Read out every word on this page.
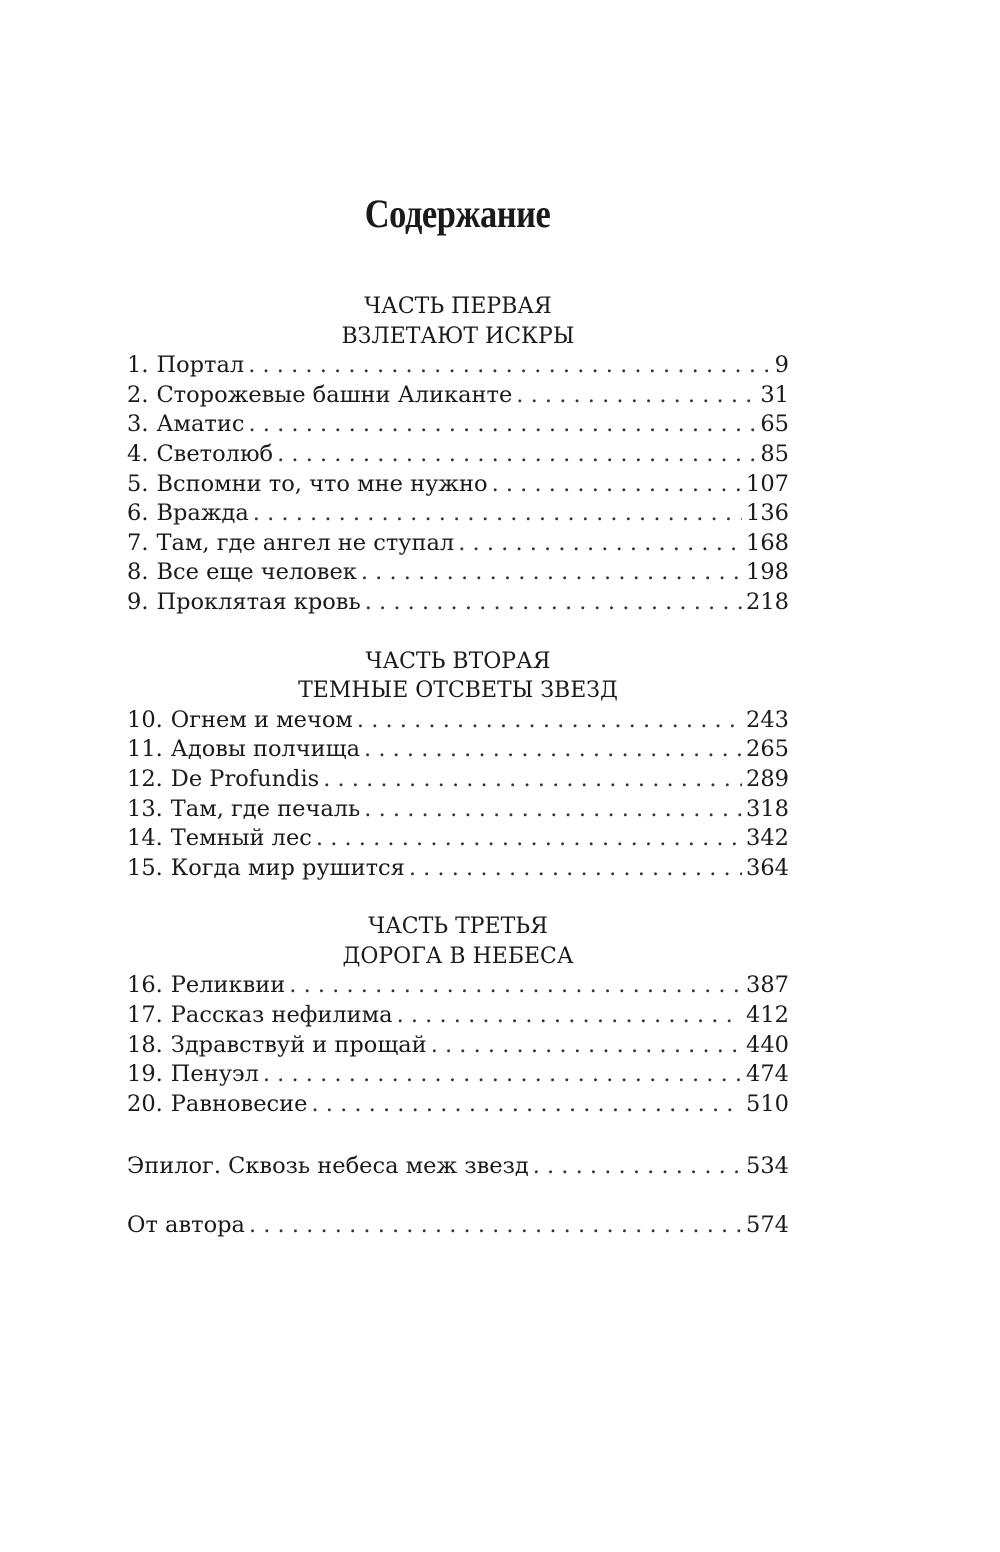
Содержание
ЧАСТЬ ПЕРВАЯ
ВЗЛЕТАЮТ ИСКРЫ
1. Портал . . .	9
2. Сторожевые башни Аликанте . . .	31
3. Аматис . . .	65
4. Светолюб . . .	85
5. Вспомни то, что мне нужно . . .	107
6. Вражда . . .	136
7. Там, где ангел не ступал . . .	168
8. Все еще человек . . .	198
9. Проклятая кровь . . .	218
ЧАСТЬ ВТОРАЯ
ТЕМНЫЕ ОТСВЕТЫ ЗВЕЗД
10. Огнем и мечом . . .	243
11. Адовы полчища . . .	265
12. De Profundis . . .	289
13. Там, где печаль . . .	318
14. Темный лес . . .	342
15. Когда мир рушится . . .	364
ЧАСТЬ ТРЕТЬЯ
ДОРОГА В НЕБЕСА
16. Реликвии . . .	387
17. Рассказ нефилима . . .	412
18. Здравствуй и прощай . . .	440
19. Пенуэл . . .	474
20. Равновесие . . .	510
Эпилог. Сквозь небеса меж звезд . . .	534
От автора . . .	574
